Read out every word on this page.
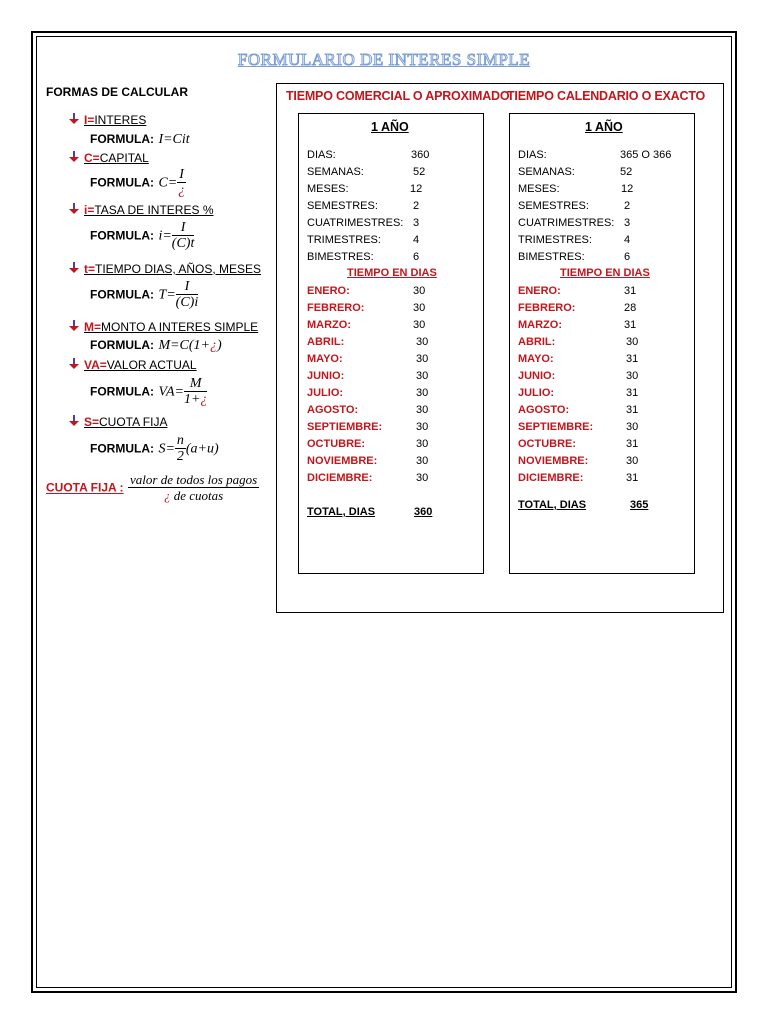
FORMULARIO DE INTERES SIMPLE
FORMAS DE CALCULAR
I=INTERES
FORMULA: I=Cit
C=CAPITAL
FORMULA: $C= \frac{I}{¿}$
i=TASA DE INTERES %
FORMULA: $i= \frac{I}{(C)t}$
t=TIEMPO DIAS, AÑOS, MESES
FORMULA: $T= \frac{I}{(C)i}$
M=MONTO A INTERES SIMPLE
FORMULA: M=C(1+¿)
VA=VALOR ACTUAL
FORMULA: $VA= \frac{M}{1+¿}$
S=CUOTA FIJA
FORMULA: $S= \frac{n}{2} (a+u)$
CUOTA FIJA : $\frac{\text{valor de todos los pagos}}{\text{¿ de cuotas}}$
TIEMPO COMERCIAL O APROXIMADO
TIEMPO CALENDARIO O EXACTO
1 AÑO
DIAS:	360
SEMANAS:	52
MESES:	12
SEMESTRES:	2
CUATRIMESTRES: 3
TRIMESTRES:	4
BIMESTRES:	6
TIEMPO EN DIAS
ENERO:	30
FEBRERO:	30
MARZO:	30
ABRIL:	30
MAYO:	30
JUNIO:	30
JULIO:	30
AGOSTO:	30
SEPTIEMBRE:	30
OCTUBRE:	30
NOVIEMBRE:	30
DICIEMBRE:	30
TOTAL, DIAS	360
1 AÑO
DIAS:	365 O 366
SEMANAS:	52
MESES:	12
SEMESTRES:	2
CUATRIMESTRES: 3
TRIMESTRES:	4
BIMESTRES:	6
TIEMPO EN DIAS
ENERO:	31
FEBRERO:	28
MARZO:	31
ABRIL:	30
MAYO:	31
JUNIO:	30
JULIO:	31
AGOSTO:	31
SEPTIEMBRE:	30
OCTUBRE:	31
NOVIEMBRE:	30
DICIEMBRE:	31
TOTAL, DIAS	365
